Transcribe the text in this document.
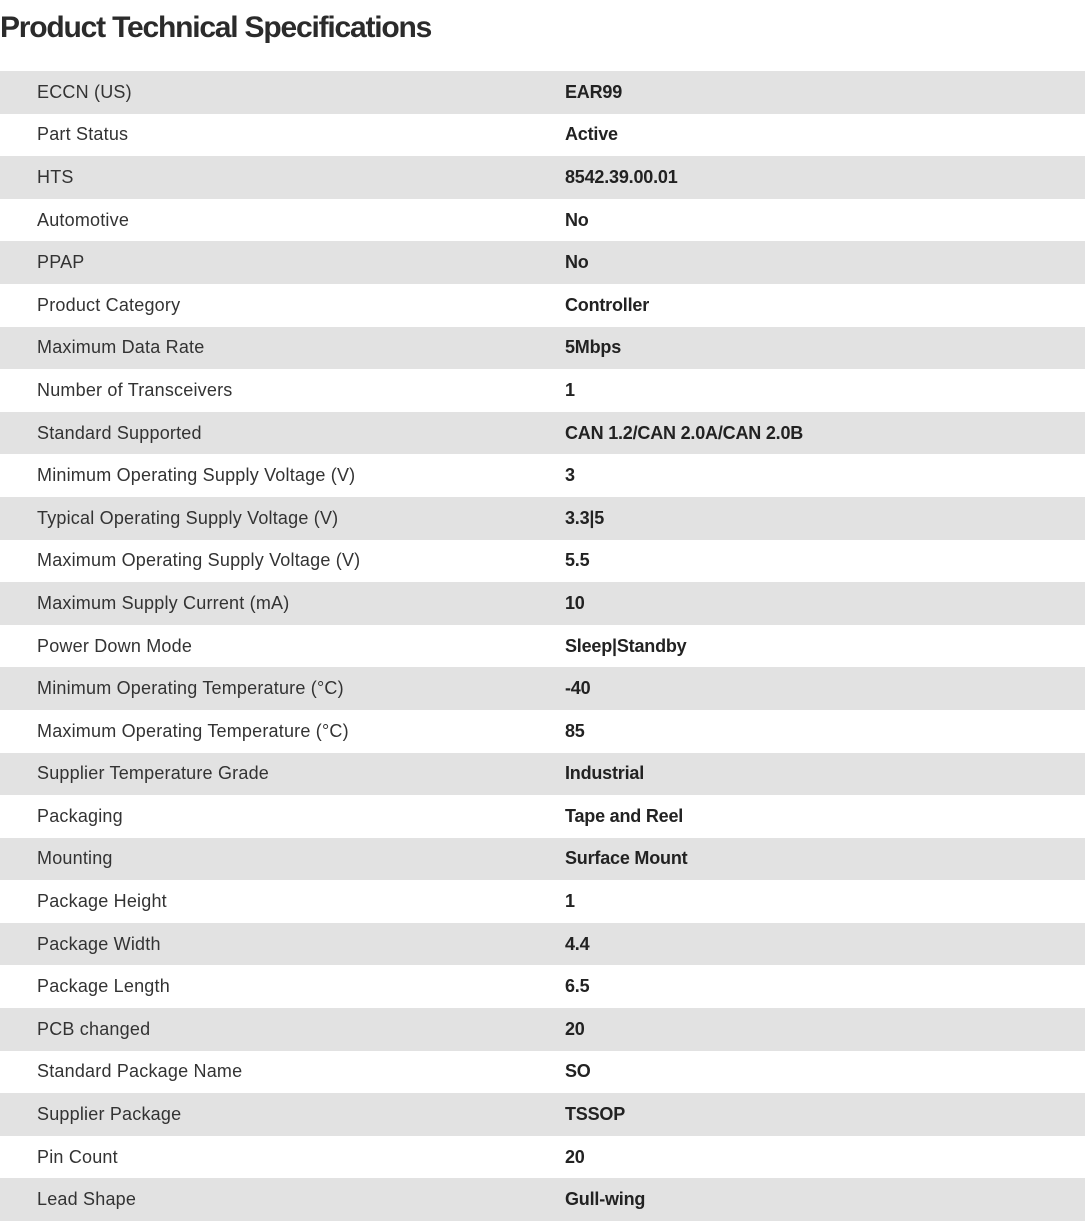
Product Technical Specifications
ECCN (US)	EAR99
Part Status	Active
HTS	8542.39.00.01
Automotive	No
PPAP	No
Product Category	Controller
Maximum Data Rate	5Mbps
Number of Transceivers	1
Standard Supported	CAN 1.2/CAN 2.0A/CAN 2.0B
Minimum Operating Supply Voltage (V)	3
Typical Operating Supply Voltage (V)	3.3|5
Maximum Operating Supply Voltage (V)	5.5
Maximum Supply Current (mA)	10
Power Down Mode	Sleep|Standby
Minimum Operating Temperature (°C)	-40
Maximum Operating Temperature (°C)	85
Supplier Temperature Grade	Industrial
Packaging	Tape and Reel
Mounting	Surface Mount
Package Height	1
Package Width	4.4
Package Length	6.5
PCB changed	20
Standard Package Name	SO
Supplier Package	TSSOP
Pin Count	20
Lead Shape	Gull-wing
